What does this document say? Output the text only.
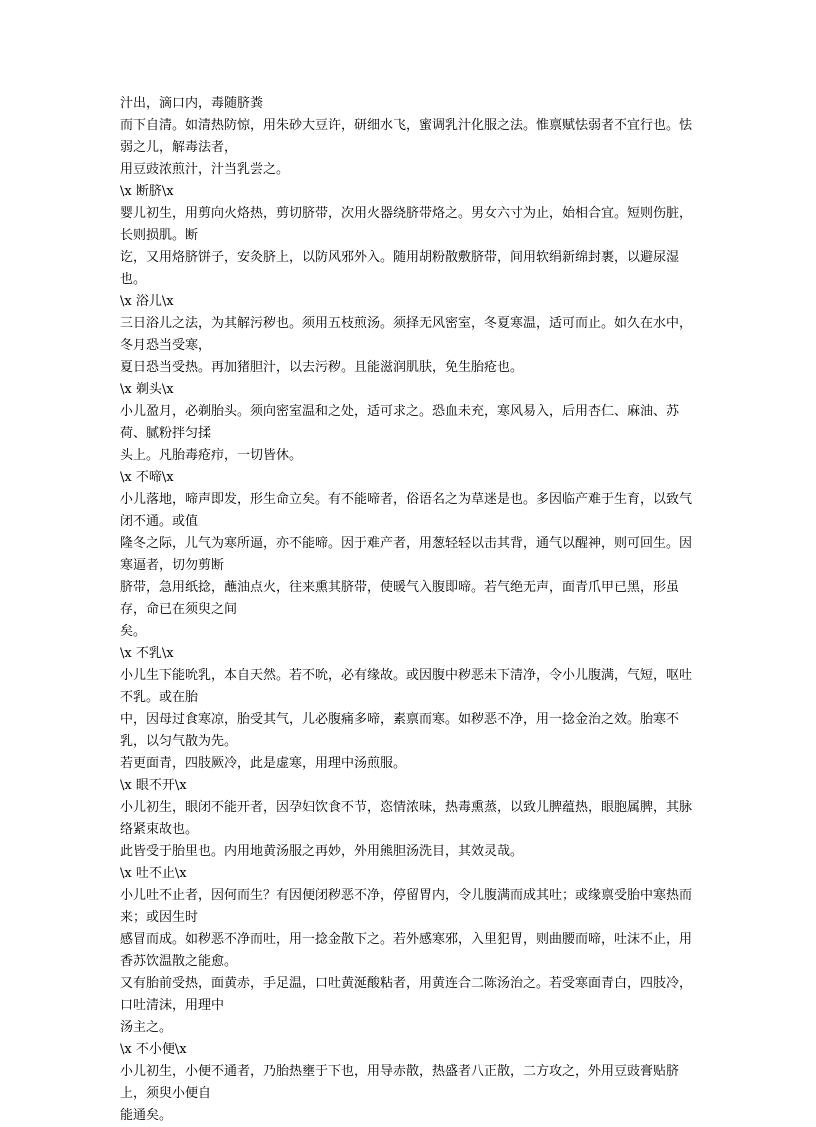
汁出，滴口内，毒随脐粪
而下自清。如清热防惊，用朱砂大豆许，研细水飞，蜜调乳汁化服之法。惟禀赋怯弱者不宜行也。怯弱之儿，解毒法者，
用豆豉浓煎汁，汁当乳尝之。
\x 断脐\x
婴儿初生，用剪向火烙热，剪切脐带，次用火器绕脐带烙之。男女六寸为止，始相合宜。短则伤脏，长则损肌。断
讫，又用烙脐饼子，安灸脐上，以防风邪外入。随用胡粉散敷脐带，间用软绢新绵封裹，以避尿湿也。
\x 浴儿\x
三日浴儿之法，为其解污秽也。须用五枝煎汤。须择无风密室，冬夏寒温，适可而止。如久在水中，冬月恐当受寒，
夏日恐当受热。再加猪胆汁，以去污秽。且能滋润肌肤，免生胎疮也。
\x 剃头\x
小儿盈月，必剃胎头。须向密室温和之处，适可求之。恐血未充，寒风易入，后用杏仁、麻油、苏荷、腻粉拌匀揉
头上。凡胎毒疮疖，一切皆休。
\x 不啼\x
小儿落地，啼声即发，形生命立矣。有不能啼者，俗语名之为草迷是也。多因临产难于生育，以致气闭不通。或值
隆冬之际，儿气为寒所逼，亦不能啼。因于难产者，用葱轻轻以击其背，通气以醒神，则可回生。因寒逼者，切勿剪断
脐带，急用纸捻，蘸油点火，往来熏其脐带，使暖气入腹即啼。若气绝无声，面青爪甲已黑，形虽存，命已在须臾之间
矣。
\x 不乳\x
小儿生下能吮乳，本自天然。若不吮，必有缘故。或因腹中秽恶未下清净，令小儿腹满，气短，呕吐不乳。或在胎
中，因母过食寒凉，胎受其气，儿必腹痛多啼，素禀而寒。如秽恶不净，用一捻金治之效。胎寒不乳，以匀气散为先。
若更面青，四肢厥冷，此是虚寒，用理中汤煎服。
\x 眼不开\x
小儿初生，眼闭不能开者，因孕妇饮食不节，恣情浓味，热毒熏蒸，以致儿脾蕴热，眼胞属脾，其脉络紧束故也。
此皆受于胎里也。内用地黄汤服之再妙，外用熊胆汤洗目，其效灵哉。
\x 吐不止\x
小儿吐不止者，因何而生？有因便闭秽恶不净，停留胃内，令儿腹满而成其吐；或缘禀受胎中寒热而来；或因生时
感冒而成。如秽恶不净而吐，用一捻金散下之。若外感寒邪，入里犯胃，则曲腰而啼，吐沫不止，用香苏饮温散之能愈。
又有胎前受热，面黄赤，手足温，口吐黄涎酸粘者，用黄连合二陈汤治之。若受寒面青白，四肢冷，口吐清沫，用理中
汤主之。
\x 不小便\x
小儿初生，小便不通者，乃胎热壅于下也，用导赤散，热盛者八正散，二方攻之，外用豆豉膏贴脐上，须臾小便自
能通矣。
